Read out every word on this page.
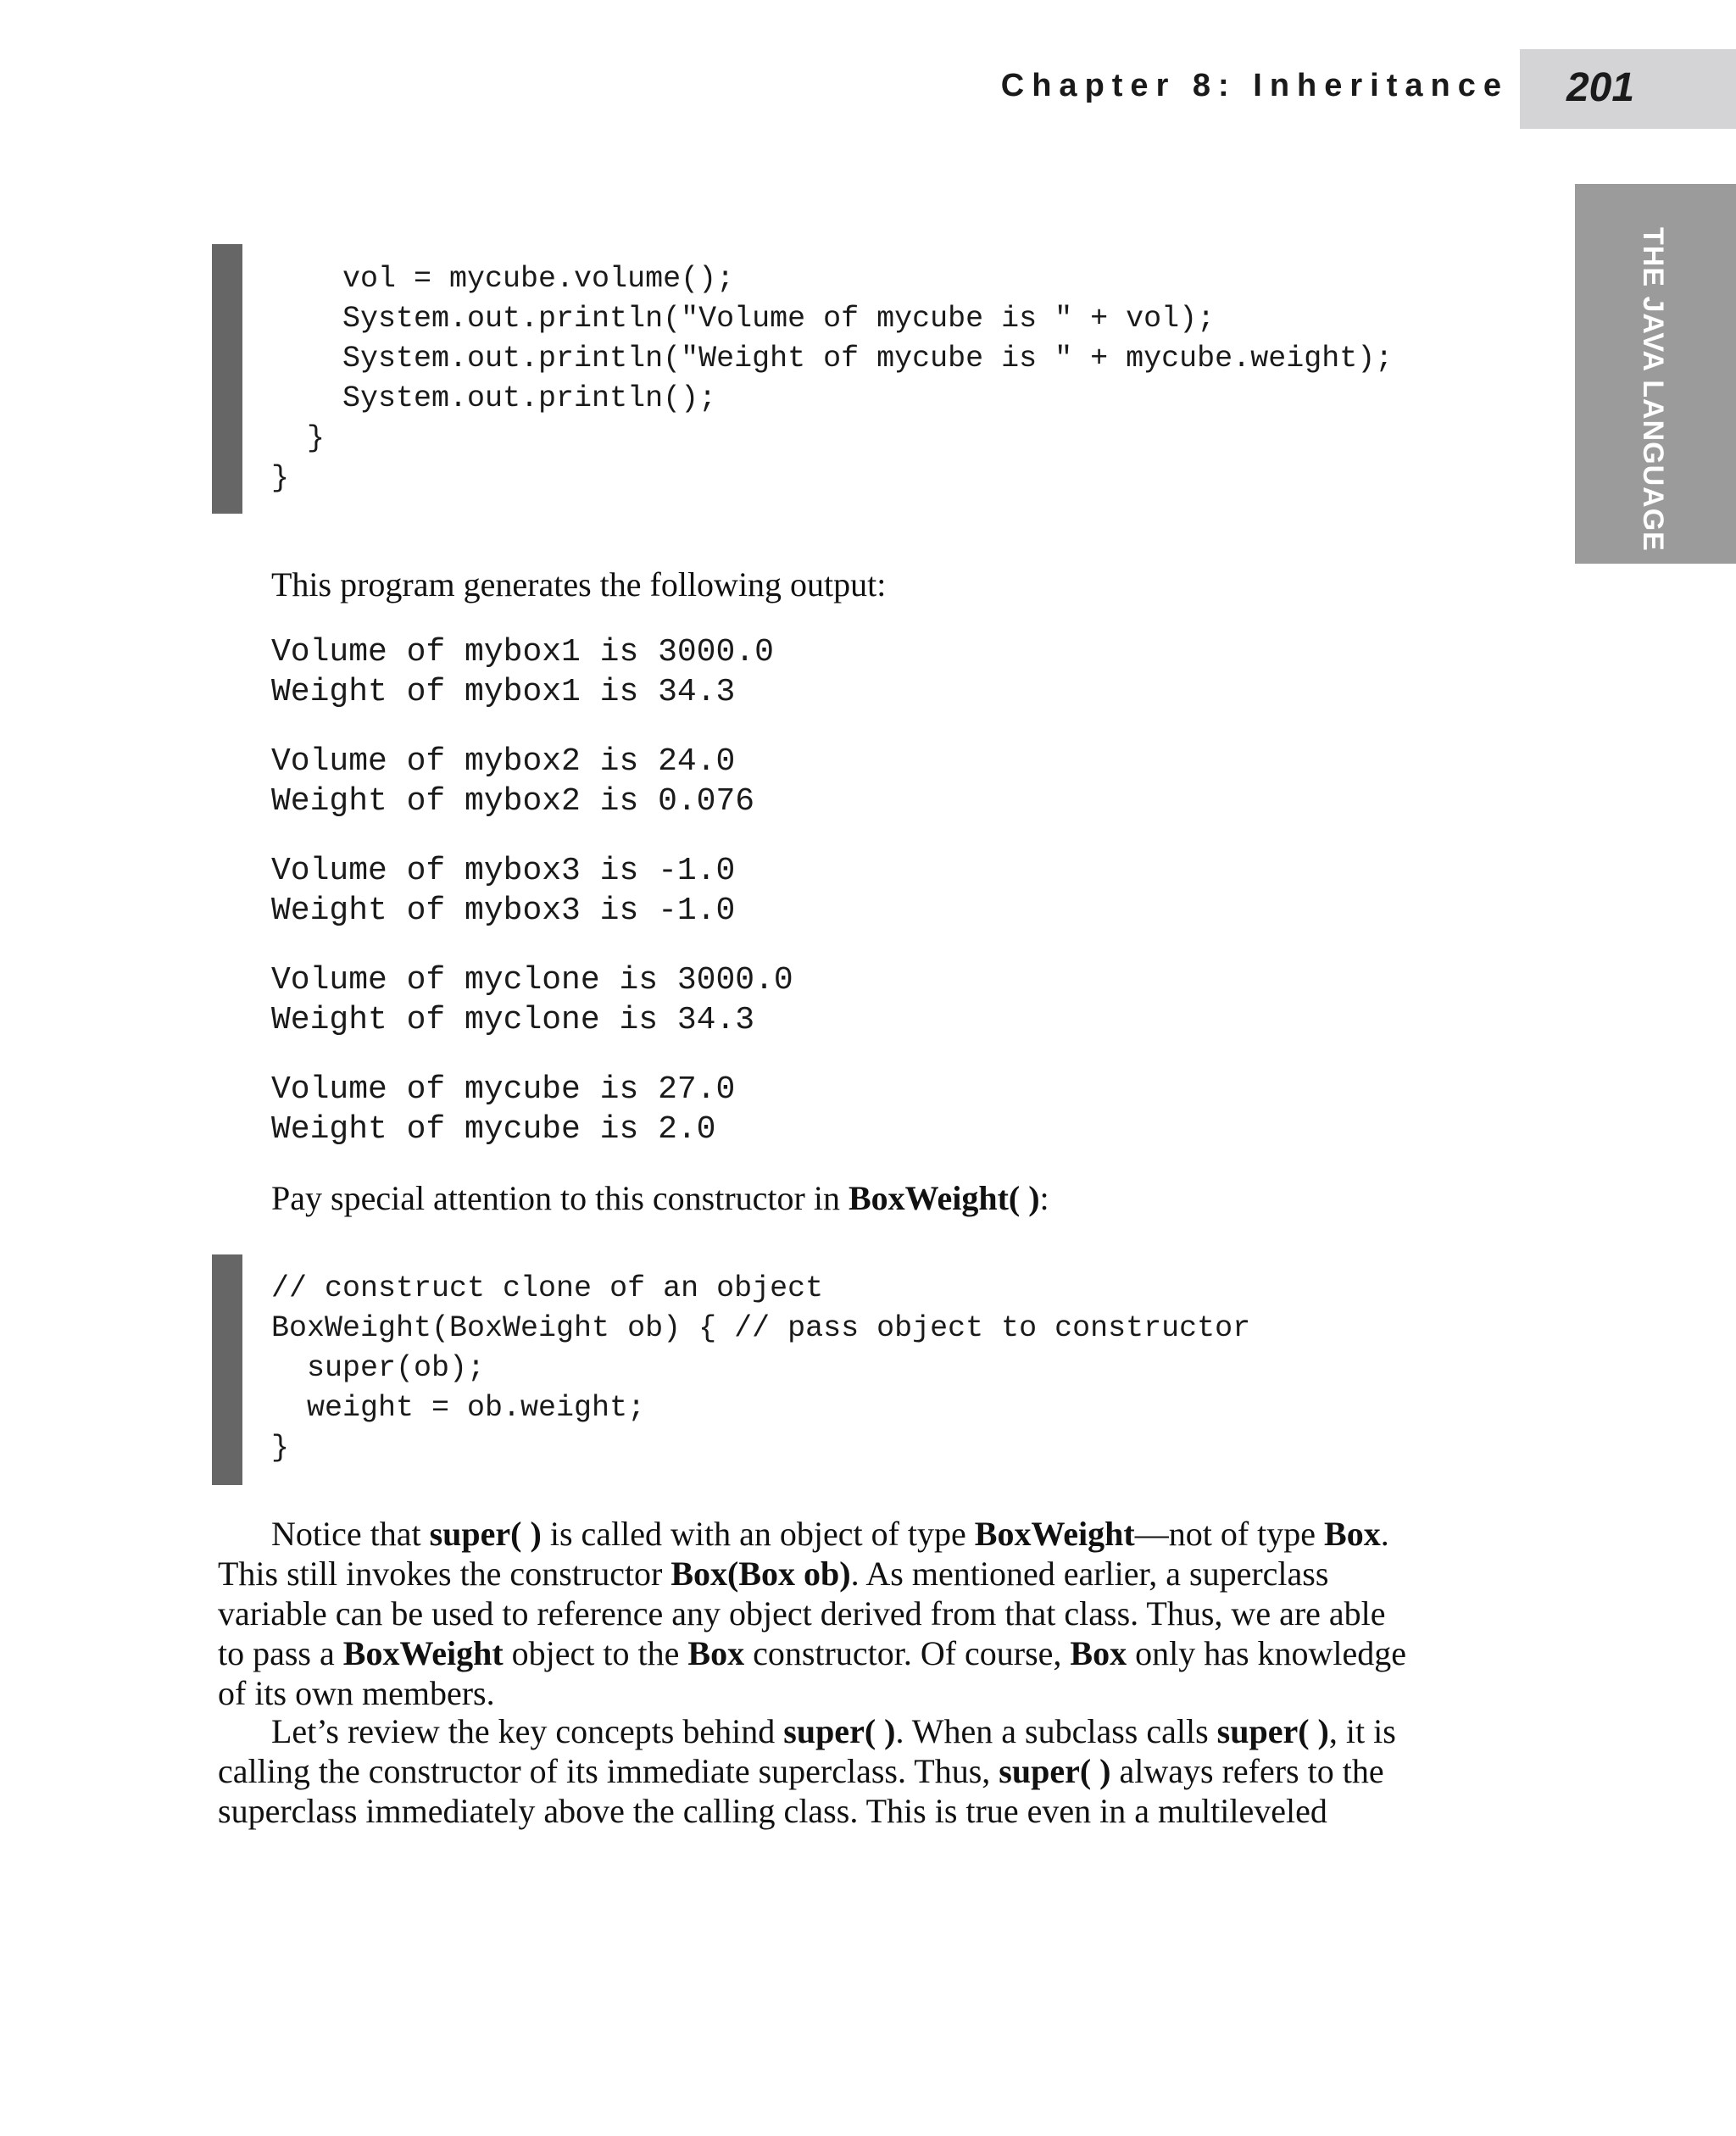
Chapter 8: Inheritance	201
THE JAVA LANGUAGE
vol = mycube.volume();
System.out.println("Volume of mycube is " + vol);
System.out.println("Weight of mycube is " + mycube.weight);
System.out.println();
}
}
This program generates the following output:
Volume of mybox1 is 3000.0
Weight of mybox1 is 34.3
Volume of mybox2 is 24.0
Weight of mybox2 is 0.076
Volume of mybox3 is -1.0
Weight of mybox3 is -1.0
Volume of myclone is 3000.0
Weight of myclone is 34.3
Volume of mycube is 27.0
Weight of mycube is 2.0
Pay special attention to this constructor in BoxWeight( ):
// construct clone of an object
BoxWeight(BoxWeight ob) { // pass object to constructor
super(ob);
weight = ob.weight;
}
Notice that super( ) is called with an object of type BoxWeight—not of type Box.
This still invokes the constructor Box(Box ob). As mentioned earlier, a superclass
variable can be used to reference any object derived from that class. Thus, we are able
to pass a BoxWeight object to the Box constructor. Of course, Box only has knowledge
of its own members.
Let’s review the key concepts behind super( ). When a subclass calls super( ), it is
calling the constructor of its immediate superclass. Thus, super( ) always refers to the
superclass immediately above the calling class. This is true even in a multileveled
